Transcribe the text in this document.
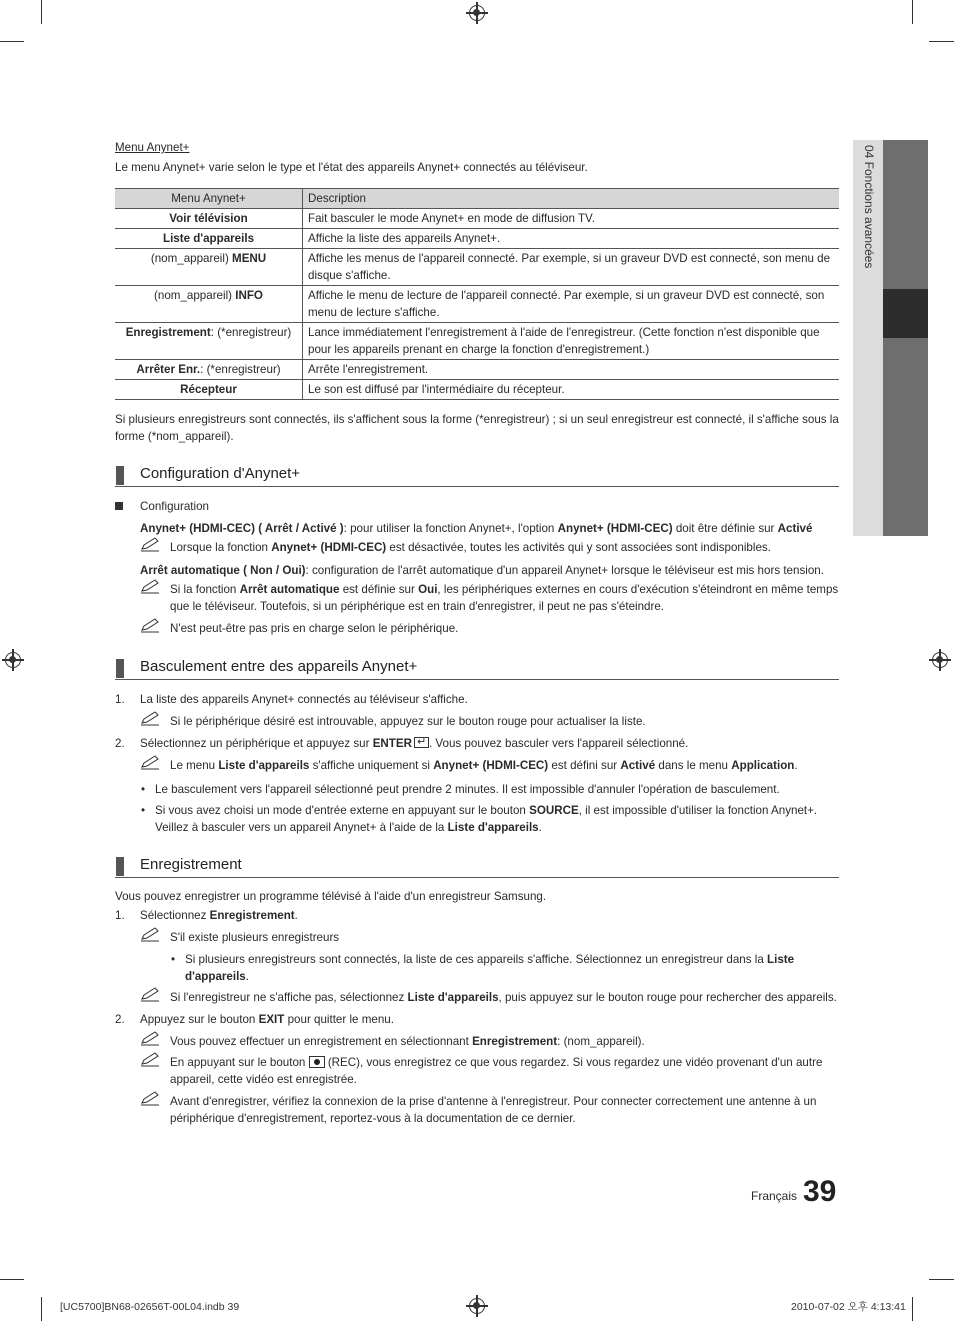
04 Fonctions avancées
Menu Anynet+
Le menu Anynet+ varie selon le type et l'état des appareils Anynet+ connectés au téléviseur.
Menu Anynet+	Description
Voir télévision	Fait basculer le mode Anynet+ en mode de diffusion TV.
Liste d'appareils	Affiche la liste des appareils Anynet+.
(nom_appareil) MENU	Affiche les menus de l'appareil connecté. Par exemple, si un graveur DVD est connecté, son menu de disque s'affiche.
(nom_appareil) INFO	Affiche le menu de lecture de l'appareil connecté. Par exemple, si un graveur DVD est connecté, son menu de lecture s'affiche.
Enregistrement: (*enregistreur)	Lance immédiatement l'enregistrement à l'aide de l'enregistreur. (Cette fonction n'est disponible que pour les appareils prenant en charge la fonction d'enregistrement.)
Arrêter Enr.: (*enregistreur)	Arrête l'enregistrement.
Récepteur	Le son est diffusé par l'intermédiaire du récepteur.
Si plusieurs enregistreurs sont connectés, ils s'affichent sous la forme (*enregistreur) ; si un seul enregistreur est connecté, il s'affiche sous la forme (*nom_appareil).
Configuration d'Anynet+
Configuration
Anynet+ (HDMI-CEC) ( Arrêt / Activé ): pour utiliser la fonction Anynet+, l'option Anynet+ (HDMI-CEC) doit être définie sur Activé
Lorsque la fonction Anynet+ (HDMI-CEC) est désactivée, toutes les activités qui y sont associées sont indisponibles.
Arrêt automatique ( Non / Oui): configuration de l'arrêt automatique d'un appareil Anynet+ lorsque le téléviseur est mis hors tension.
Si la fonction Arrêt automatique est définie sur Oui, les périphériques externes en cours d'exécution s'éteindront en même temps que le téléviseur. Toutefois, si un périphérique est en train d'enregistrer, il peut ne pas s'éteindre.
N'est peut-être pas pris en charge selon le périphérique.
Basculement entre des appareils Anynet+
1. La liste des appareils Anynet+ connectés au téléviseur s'affiche.
Si le périphérique désiré est introuvable, appuyez sur le bouton rouge pour actualiser la liste.
2. Sélectionnez un périphérique et appuyez sur ENTER ↵ . Vous pouvez basculer vers l'appareil sélectionné.
Le menu Liste d'appareils s'affiche uniquement si Anynet+ (HDMI-CEC) est défini sur Activé dans le menu Application.
• Le basculement vers l'appareil sélectionné peut prendre 2 minutes. Il est impossible d'annuler l'opération de basculement.
• Si vous avez choisi un mode d'entrée externe en appuyant sur le bouton SOURCE, il est impossible d'utiliser la fonction Anynet+. Veillez à basculer vers un appareil Anynet+ à l'aide de la Liste d'appareils.
Enregistrement
Vous pouvez enregistrer un programme télévisé à l'aide d'un enregistreur Samsung.
1. Sélectionnez Enregistrement.
S'il existe plusieurs enregistreurs
• Si plusieurs enregistreurs sont connectés, la liste de ces appareils s'affiche. Sélectionnez un enregistreur dans la Liste d'appareils.
Si l'enregistreur ne s'affiche pas, sélectionnez Liste d'appareils, puis appuyez sur le bouton rouge pour rechercher des appareils.
2. Appuyez sur le bouton EXIT pour quitter le menu.
Vous pouvez effectuer un enregistrement en sélectionnant Enregistrement: (nom_appareil).
En appuyant sur le bouton  (REC), vous enregistrez ce que vous regardez. Si vous regardez une vidéo provenant d'un autre appareil, cette vidéo est enregistrée.
Avant d'enregistrer, vérifiez la connexion de la prise d'antenne à l'enregistreur. Pour connecter correctement une antenne à un périphérique d'enregistrement, reportez-vous à la documentation de ce dernier.
Français 39
[UC5700]BN68-02656T-00L04.indb 39	2010-07-02 오후 4:13:41
